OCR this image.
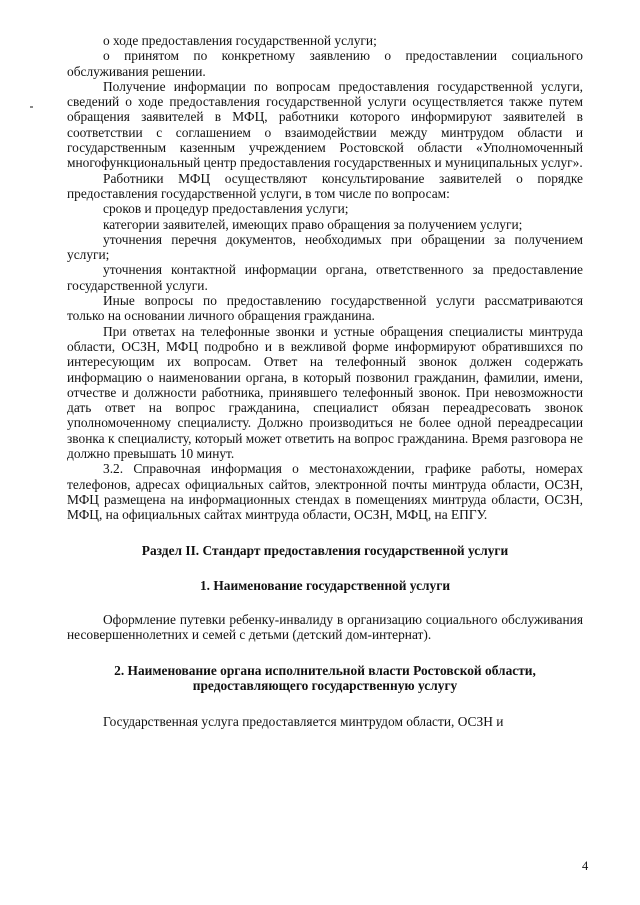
о ходе предоставления государственной услуги;

о принятом по конкретному заявлению о предоставлении социального обслуживания решении.

Получение информации по вопросам предоставления государственной услуги, сведений о ходе предоставления государственной услуги осуществляется также путем обращения заявителей в МФЦ, работники которого информируют заявителей в соответствии с соглашением о взаимодействии между минтрудом области и государственным казенным учреждением Ростовской области «Уполномоченный многофункциональный центр предоставления государственных и муниципальных услуг».

Работники МФЦ осуществляют консультирование заявителей о порядке предоставления государственной услуги, в том числе по вопросам:

сроков и процедур предоставления услуги;

категории заявителей, имеющих право обращения за получением услуги;

уточнения перечня документов, необходимых при обращении за получением услуги;

уточнения контактной информации органа, ответственного за предоставление государственной услуги.

Иные вопросы по предоставлению государственной услуги рассматриваются только на основании личного обращения гражданина.

При ответах на телефонные звонки и устные обращения специалисты минтруда области, ОСЗН, МФЦ подробно и в вежливой форме информируют обратившихся по интересующим их вопросам. Ответ на телефонный звонок должен содержать информацию о наименовании органа, в который позвонил гражданин, фамилии, имени, отчестве и должности работника, принявшего телефонный звонок. При невозможности дать ответ на вопрос гражданина, специалист обязан переадресовать звонок уполномоченному специалисту. Должно производиться не более одной переадресации звонка к специалисту, который может ответить на вопрос гражданина. Время разговора не должно превышать 10 минут.

3.2. Справочная информация о местонахождении, графике работы, номерах телефонов, адресах официальных сайтов, электронной почты минтруда области, ОСЗН, МФЦ размещена на информационных стендах в помещениях минтруда области, ОСЗН, МФЦ, на официальных сайтах минтруда области, ОСЗН, МФЦ, на ЕПГУ.

Раздел II. Стандарт предоставления государственной услуги

1. Наименование государственной услуги

Оформление путевки ребенку-инвалиду в организацию социального обслуживания несовершеннолетних и семей с детьми (детский дом-интернат).

2. Наименование органа исполнительной власти Ростовской области,

предоставляющего государственную услугу

Государственная услуга предоставляется минтрудом области, ОСЗН и

4
